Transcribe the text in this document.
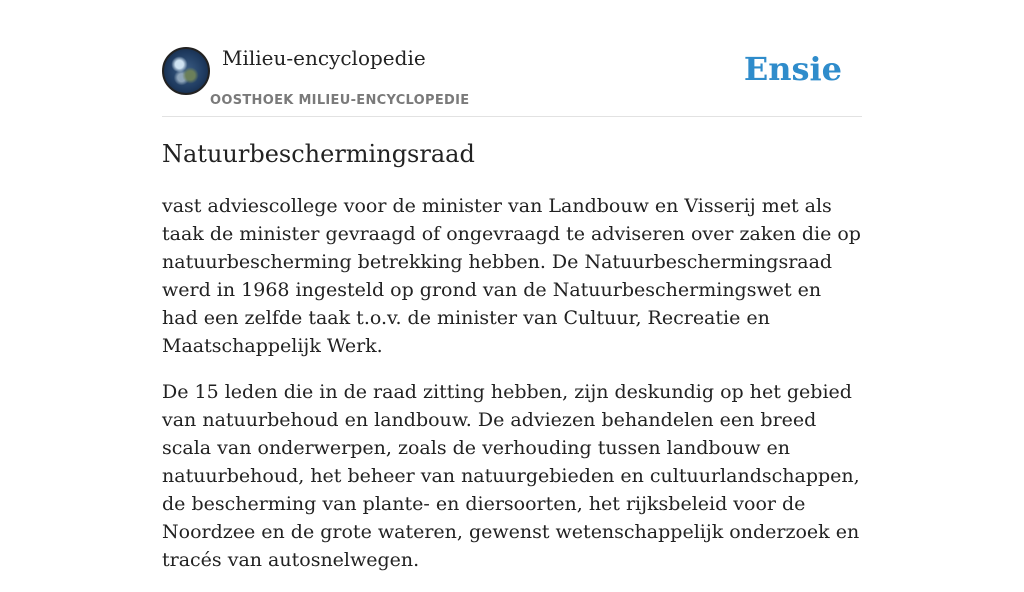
Milieu-encyclopedie
OOSTHOEK MILIEU-ENCYCLOPEDIE
Ensie
Natuurbeschermingsraad

vast adviescollege voor de minister van Landbouw en Visserij met als taak de minister gevraagd of ongevraagd te adviseren over zaken die op natuurbescherming betrekking hebben. De Natuurbeschermingsraad werd in 1968 ingesteld op grond van de Natuurbeschermingswet en had een zelfde taak t.o.v. de minister van Cultuur, Recreatie en Maatschappelijk Werk.

De 15 leden die in de raad zitting hebben, zijn deskundig op het gebied van natuurbehoud en landbouw. De adviezen behandelen een breed scala van onderwerpen, zoals de verhouding tussen landbouw en natuurbehoud, het beheer van natuurgebieden en cultuurlandschappen, de bescherming van plante- en diersoorten, het rijksbeleid voor de Noordzee en de grote wateren, gewenst wetenschappelijk onderzoek en tracés van autosnelwegen.
